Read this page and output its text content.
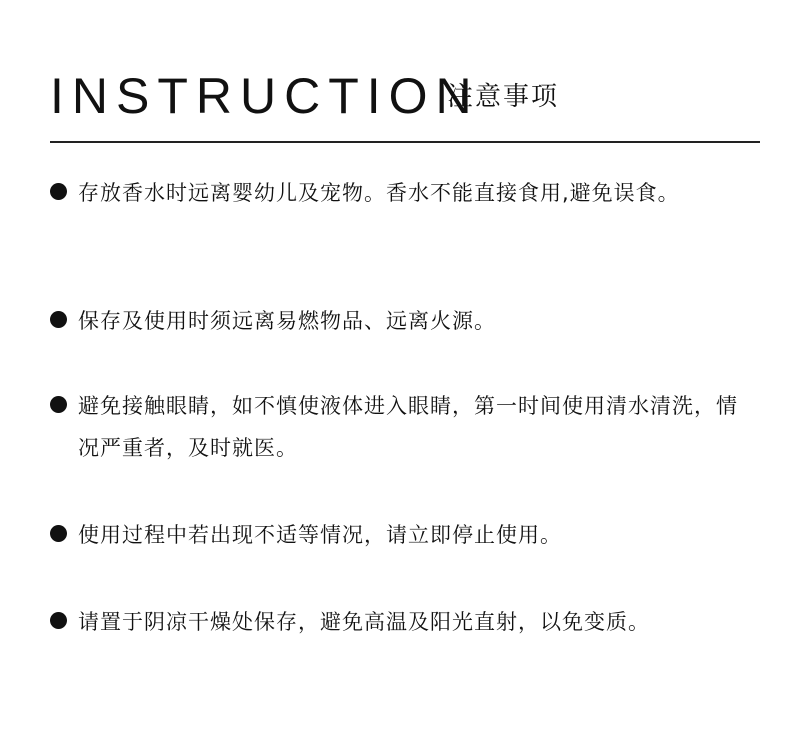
INSTRUCTION
注意事项
存放香水时远离婴幼儿及宠物。香水不能直接食用,避免误食。
保存及使用时须远离易燃物品、远离火源。
避免接触眼睛，如不慎使液体进入眼睛，第一时间使用清水清洗，情况严重者，及时就医。
使用过程中若出现不适等情况，请立即停止使用。
请置于阴凉干燥处保存，避免高温及阳光直射，以免变质。
